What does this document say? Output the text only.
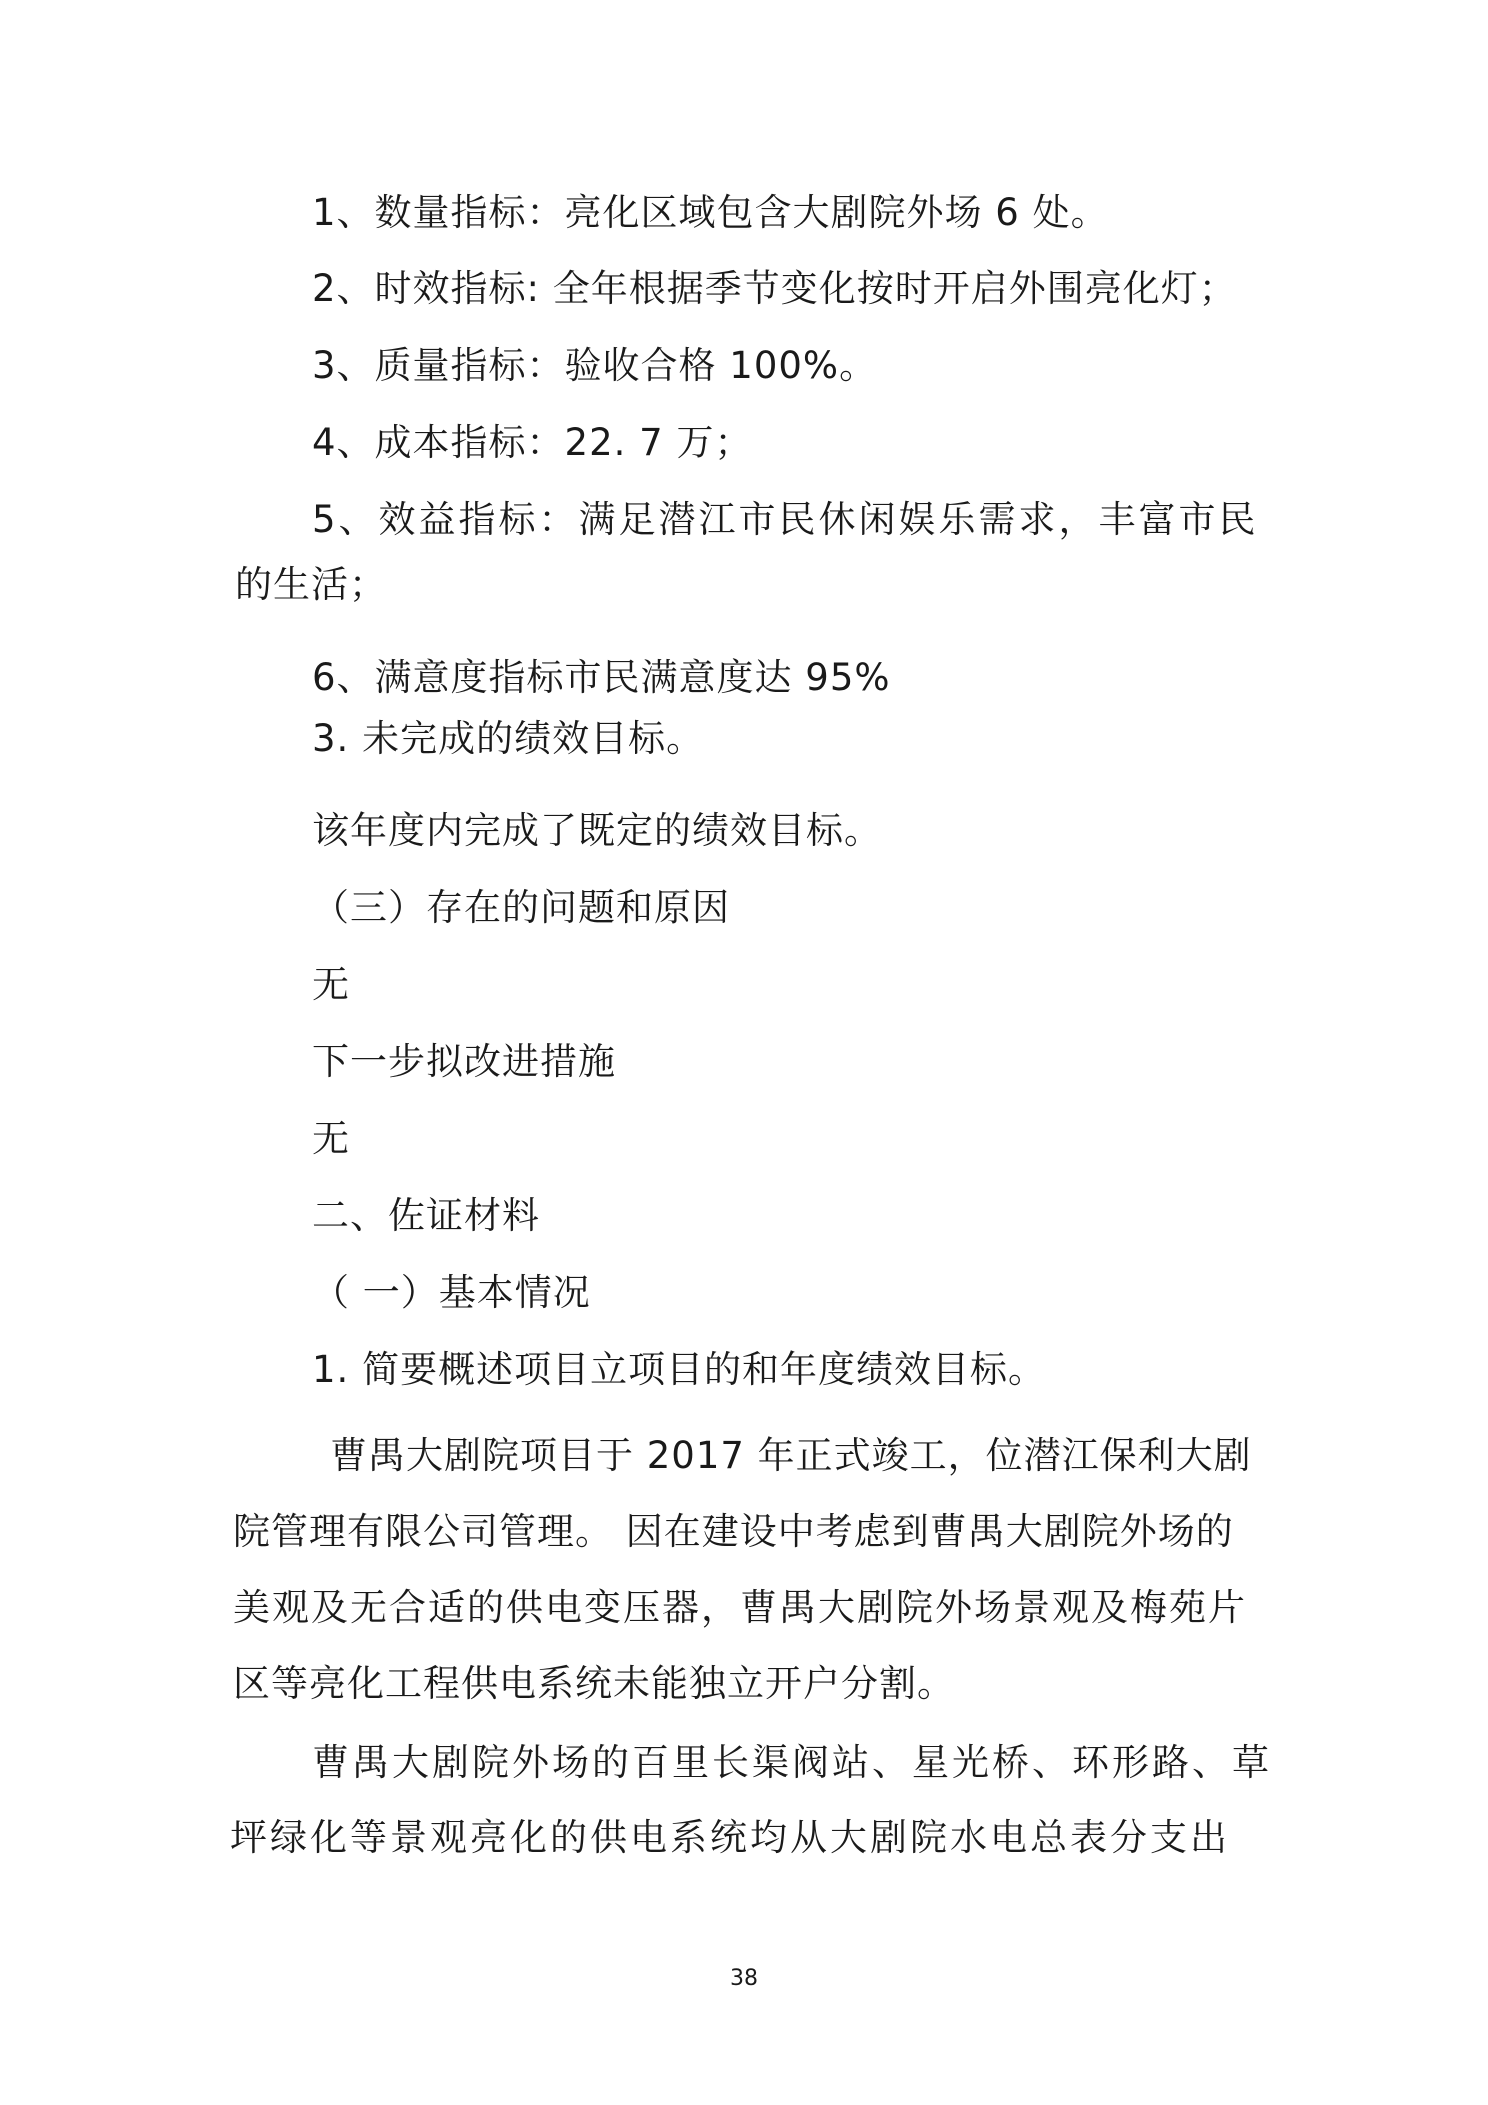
1、数量指标：亮化区域包含大剧院外场 6 处。
2、时效指标: 全年根据季节变化按时开启外围亮化灯；
3、质量指标：验收合格 100%。
4、成本指标：22. 7 万；
5、效益指标：满足潜江市民休闲娱乐需求，丰富市民
的生活；
6、满意度指标市民满意度达 95%
3. 未完成的绩效目标。
该年度内完成了既定的绩效目标。
（三）存在的问题和原因
无
下一步拟改进措施
无
二、佐证材料
（ 一）基本情况
1. 简要概述项目立项目的和年度绩效目标。
曹禺大剧院项目于 2017 年正式竣工，位潜江保利大剧
院管理有限公司管理。 因在建设中考虑到曹禺大剧院外场的
美观及无合适的供电变压器，曹禺大剧院外场景观及梅苑片
区等亮化工程供电系统未能独立开户分割。
曹禺大剧院外场的百里长渠阀站、星光桥、环形路、草
坪绿化等景观亮化的供电系统均从大剧院水电总表分支出
38
